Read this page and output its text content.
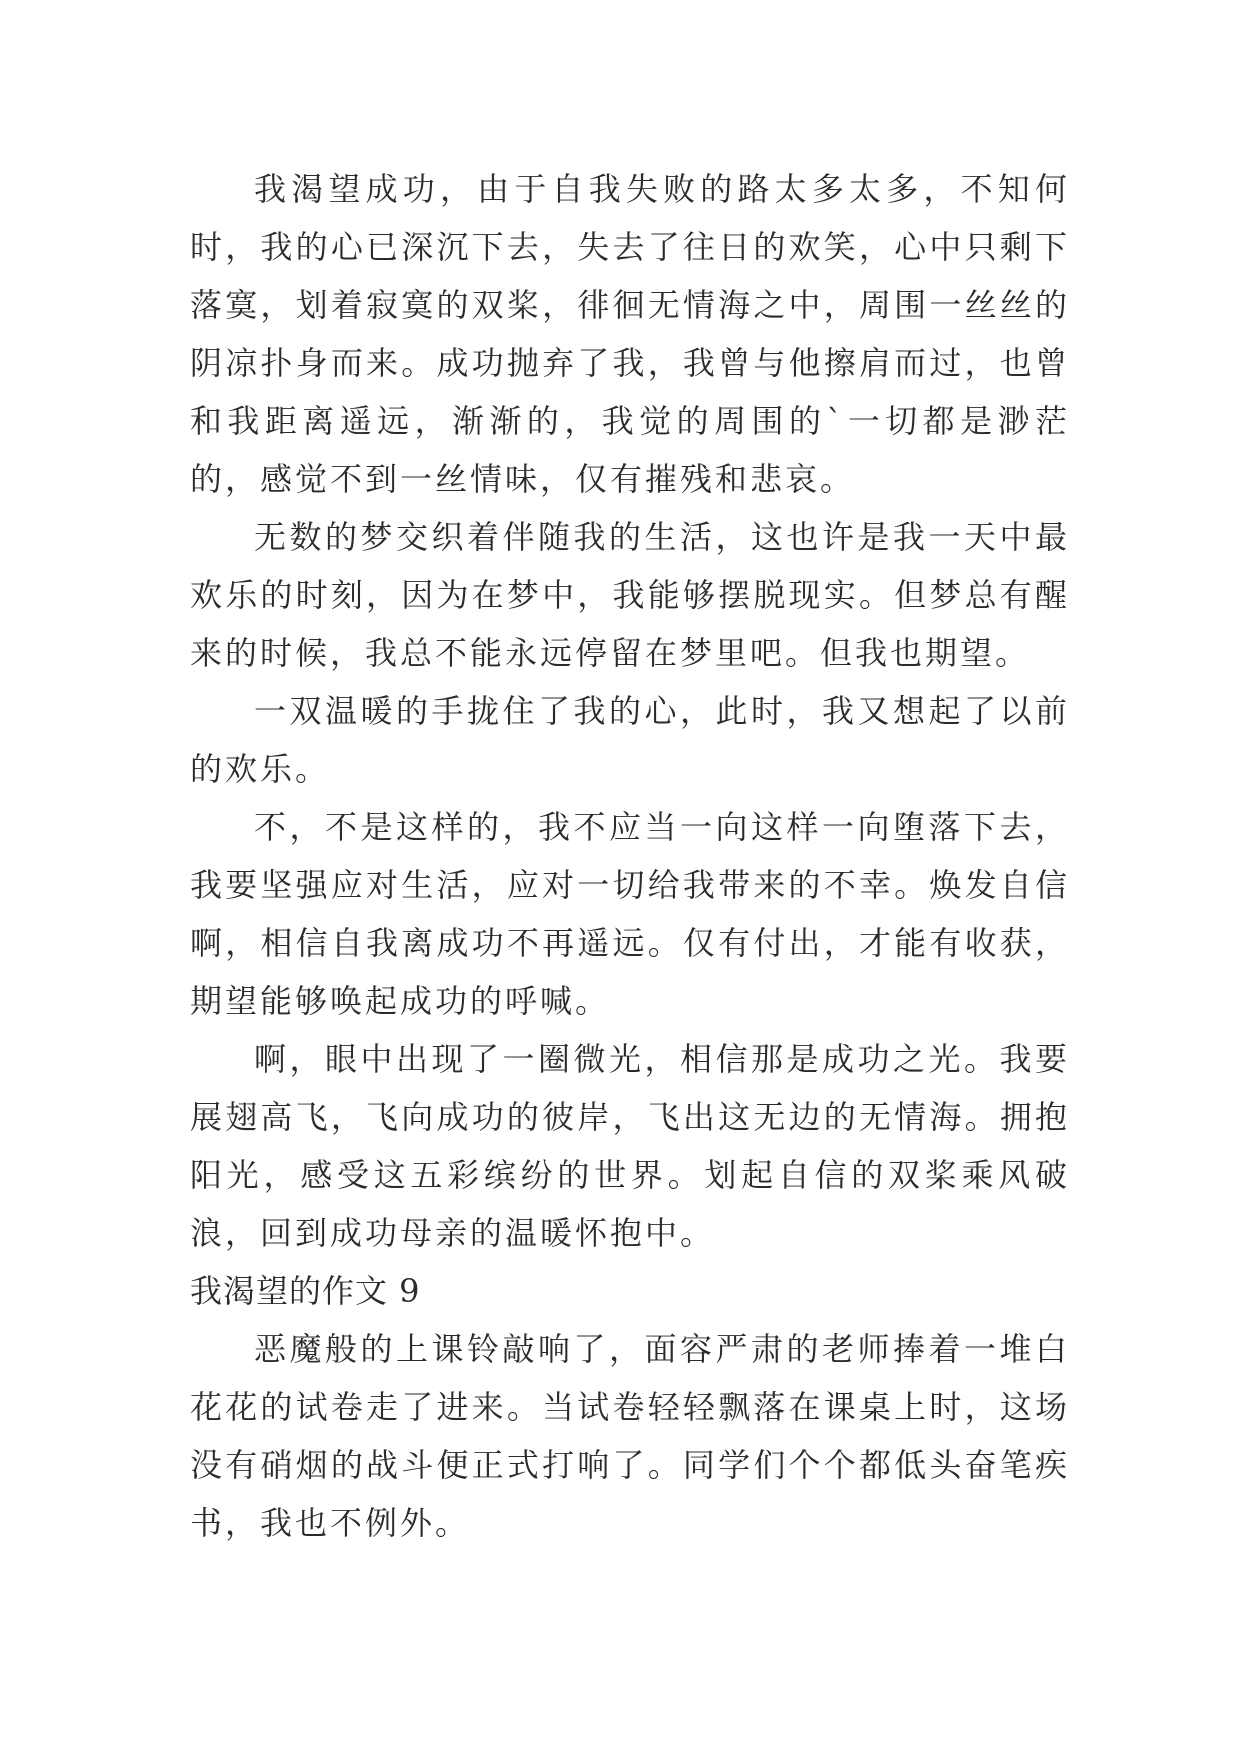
我渴望成功，由于自我失败的路太多太多，不知何时，我的心已深沉下去，失去了往日的欢笑，心中只剩下落寞，划着寂寞的双桨，徘徊无情海之中，周围一丝丝的阴凉扑身而来。成功抛弃了我，我曾与他擦肩而过，也曾和我距离遥远，渐渐的，我觉的周围的`一切都是渺茫的，感觉不到一丝情味，仅有摧残和悲哀。

无数的梦交织着伴随我的生活，这也许是我一天中最欢乐的时刻，因为在梦中，我能够摆脱现实。但梦总有醒来的时候，我总不能永远停留在梦里吧。但我也期望。

一双温暖的手拢住了我的心，此时，我又想起了以前的欢乐。

不，不是这样的，我不应当一向这样一向堕落下去，我要坚强应对生活，应对一切给我带来的不幸。焕发自信啊，相信自我离成功不再遥远。仅有付出，才能有收获，期望能够唤起成功的呼喊。

啊，眼中出现了一圈微光，相信那是成功之光。我要展翅高飞，飞向成功的彼岸，飞出这无边的无情海。拥抱阳光，感受这五彩缤纷的世界。划起自信的双桨乘风破浪，回到成功母亲的温暖怀抱中。

我渴望的作文 9

恶魔般的上课铃敲响了，面容严肃的老师捧着一堆白花花的试卷走了进来。当试卷轻轻飘落在课桌上时，这场没有硝烟的战斗便正式打响了。同学们个个都低头奋笔疾书，我也不例外。
